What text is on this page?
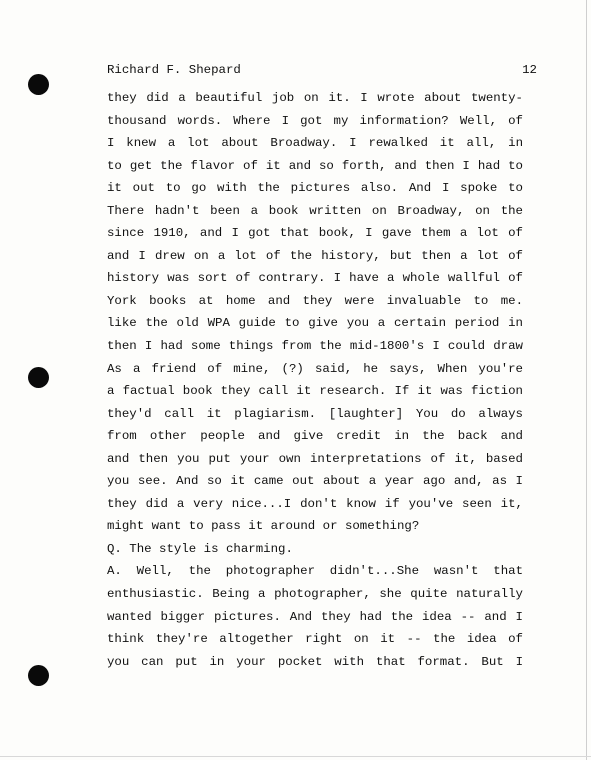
Richard F. Shepard	12
they did a beautiful job on it. I wrote about twenty-
thousand words. Where I got my information? Well, of
I knew a lot about Broadway. I rewalked it all, in
to get the flavor of it and so forth, and then I had to
it out to go with the pictures also. And I spoke to
There hadn't been a book written on Broadway, on the
since 1910, and I got that book, I gave them a lot of
and I drew on a lot of the history, but then a lot of
history was sort of contrary. I have a whole wallful of
York books at home and they were invaluable to me.
like the old WPA guide to give you a certain period in
then I had some things from the mid-1800's I could draw
As a friend of mine, (?) said, he says, When you're
a factual book they call it research. If it was fiction
they'd call it plagiarism. [laughter] You do always
from other people and give credit in the back and
and then you put your own interpretations of it, based
you see. And so it came out about a year ago and, as I
they did a very nice...I don't know if you've seen it,
might want to pass it around or something?
Q. The style is charming.
A. Well, the photographer didn't...She wasn't that
enthusiastic. Being a photographer, she quite naturally
wanted bigger pictures. And they had the idea -- and I
think they're altogether right on it -- the idea of
you can put in your pocket with that format. But I
